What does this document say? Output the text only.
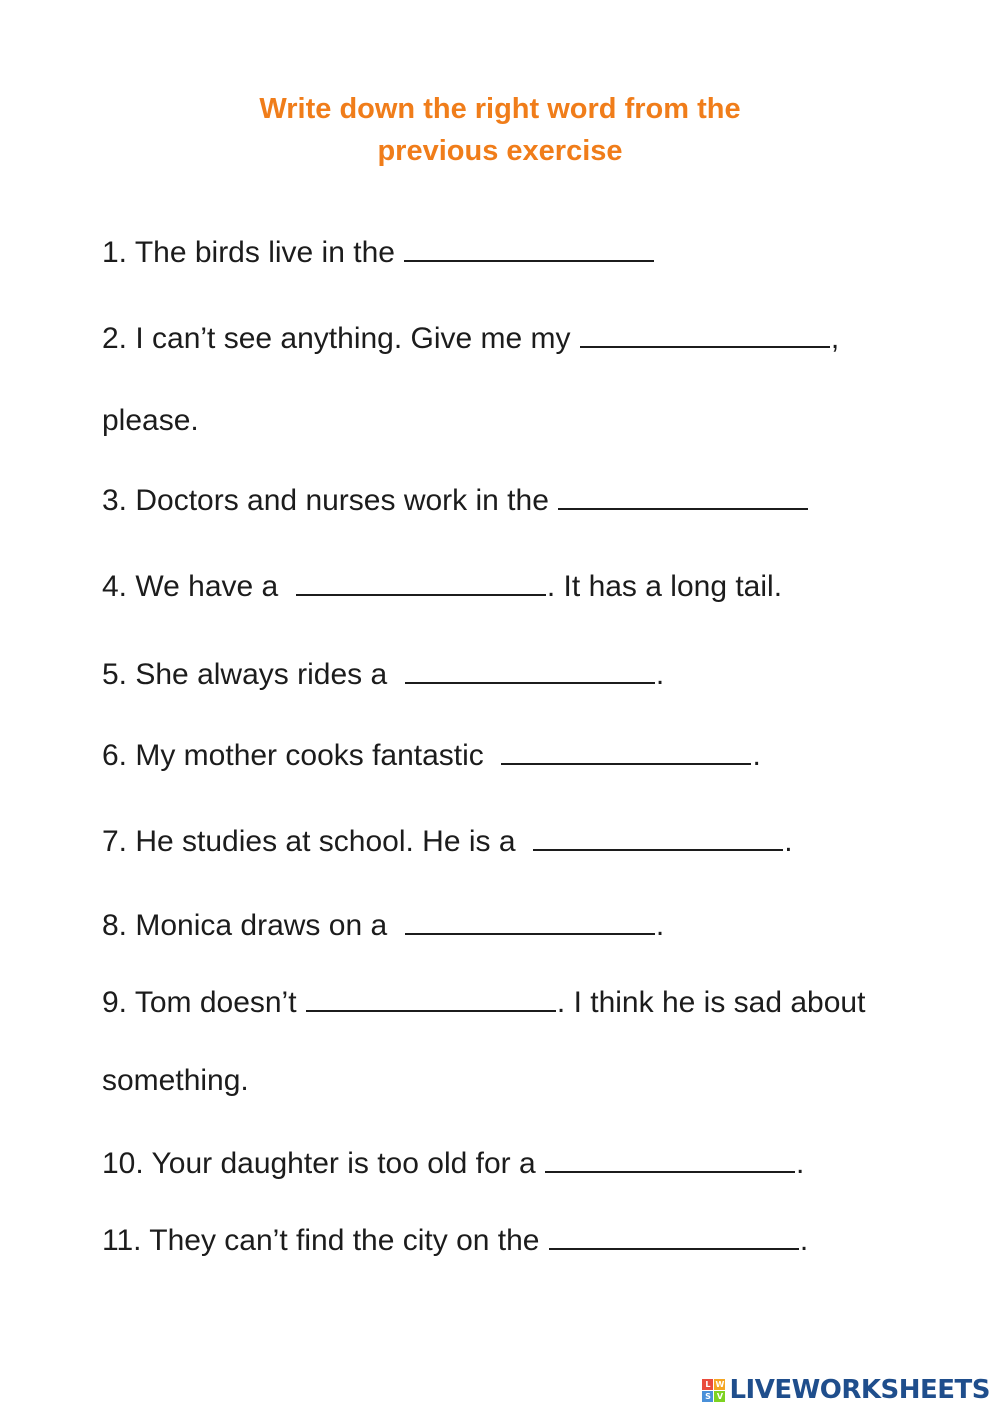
Write down the right word from the
previous exercise

1. The birds live in the

2. I can’t see anything. Give me my	,

please.

3. Doctors and nurses work in the

4. We have a	. It has a long tail.

5. She always rides a	.

6. My mother cooks fantastic	.

7. He studies at school. He is a	.

8. Monica draws on a	.

9. Tom doesn’t	. I think he is sad about

something.

10. Your daughter is too old for a	.

11. They can’t find the city on the	.

L W
S V LIVEWORKSHEETS
